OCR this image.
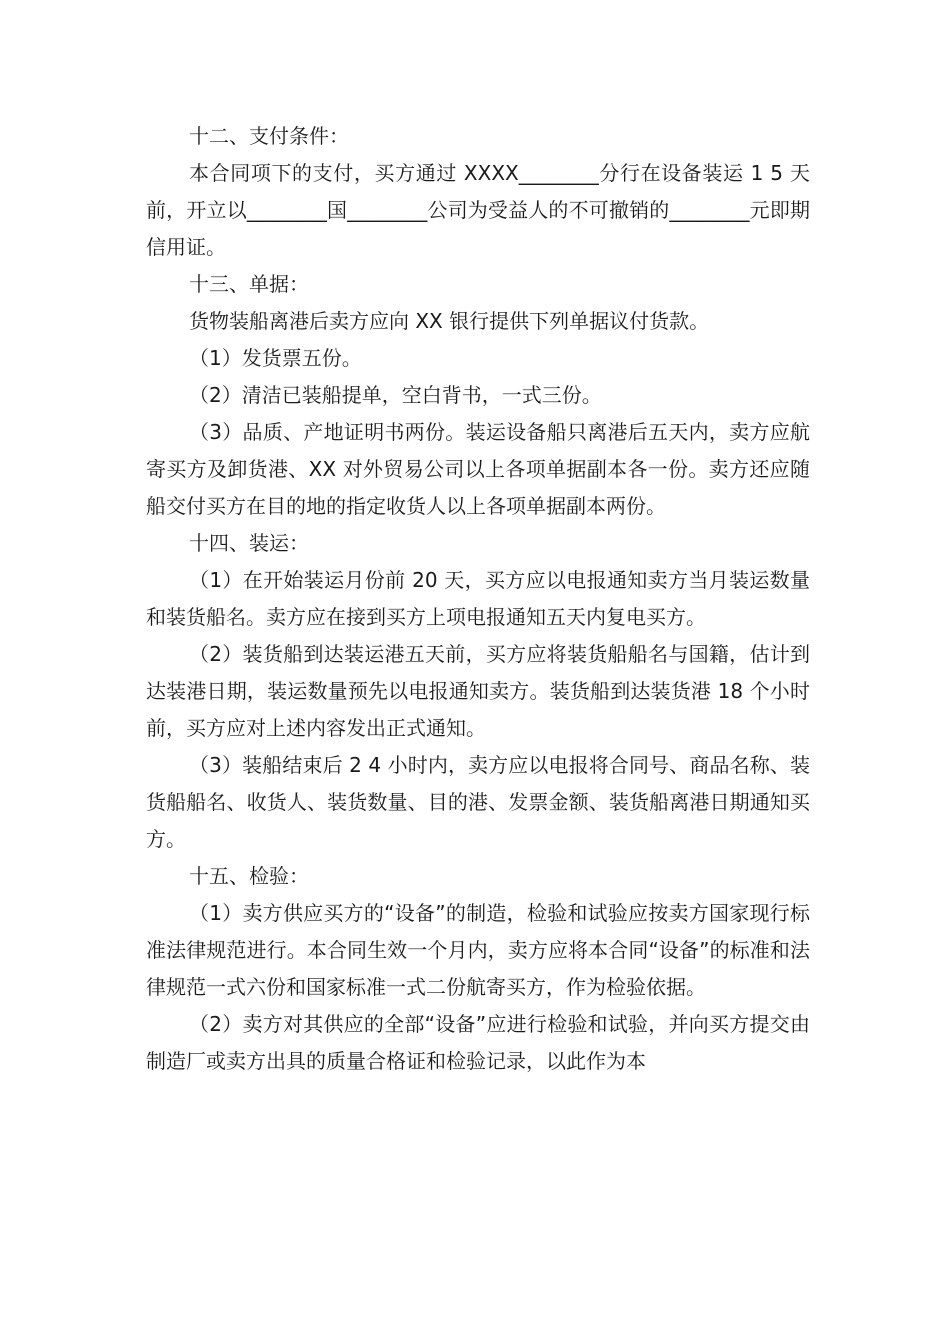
十二、支付条件：

本合同项下的支付，买方通过 XXXX________分行在设备装运 1 5 天前，开立以________国________公司为受益人的不可撤销的________元即期信用证。

十三、单据：

货物装船离港后卖方应向 XX 银行提供下列单据议付货款。

（1）发货票五份。

（2）清洁已装船提单，空白背书，一式三份。

（3）品质、产地证明书两份。装运设备船只离港后五天内，卖方应航寄买方及卸货港、XX 对外贸易公司以上各项单据副本各一份。卖方还应随船交付买方在目的地的指定收货人以上各项单据副本两份。

十四、装运：

（1）在开始装运月份前 20 天，买方应以电报通知卖方当月装运数量和装货船名。卖方应在接到买方上项电报通知五天内复电买方。

（2）装货船到达装运港五天前，买方应将装货船船名与国籍，估计到达装港日期，装运数量预先以电报通知卖方。装货船到达装货港 18 个小时前，买方应对上述内容发出正式通知。

（3）装船结束后 2 4 小时内，卖方应以电报将合同号、商品名称、装货船船名、收货人、装货数量、目的港、发票金额、装货船离港日期通知买方。

十五、检验：

（1）卖方供应买方的“设备”的制造，检验和试验应按卖方国家现行标准法律规范进行。本合同生效一个月内，卖方应将本合同“设备”的标准和法律规范一式六份和国家标准一式二份航寄买方，作为检验依据。

（2）卖方对其供应的全部“设备”应进行检验和试验，并向买方提交由制造厂或卖方出具的质量合格证和检验记录，以此作为本
